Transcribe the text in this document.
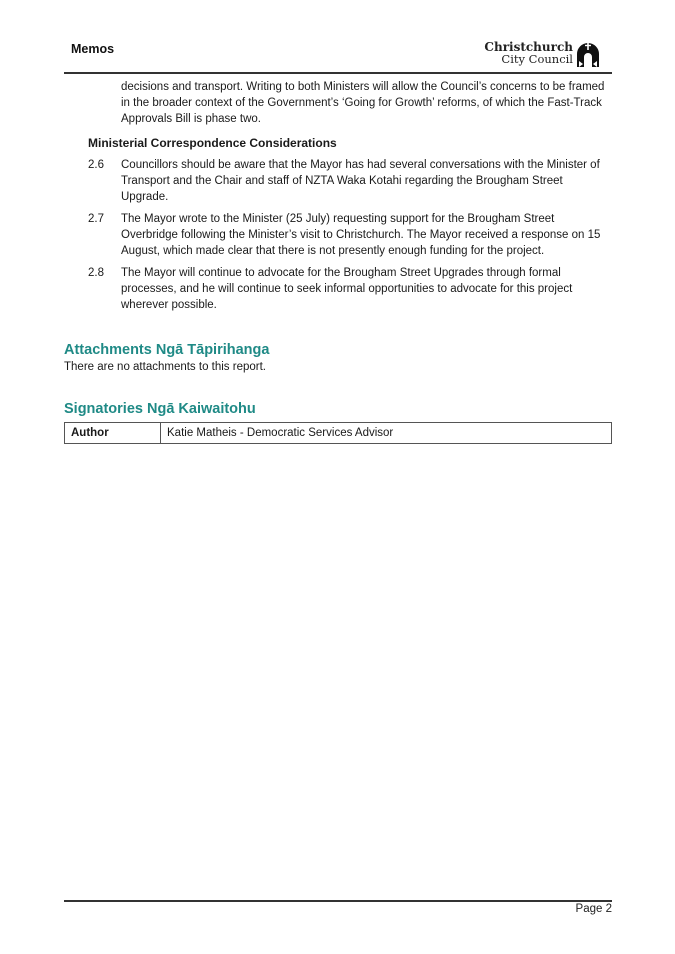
Memos	Christchurch
City Council

decisions and transport. Writing to both Ministers will allow the Council’s concerns to be framed in the broader context of the Government’s ‘Going for Growth’ reforms, of which the Fast-Track Approvals Bill is phase two.

Ministerial Correspondence Considerations
2.6	Councillors should be aware that the Mayor has had several conversations with the Minister of Transport and the Chair and staff of NZTA Waka Kotahi regarding the Brougham Street Upgrade.
2.7	The Mayor wrote to the Minister (25 July) requesting support for the Brougham Street Overbridge following the Minister’s visit to Christchurch. The Mayor received a response on 15 August, which made clear that there is not presently enough funding for the project.
2.8	The Mayor will continue to advocate for the Brougham Street Upgrades through formal processes, and he will continue to seek informal opportunities to advocate for this project wherever possible.
Attachments Ngā Tāpirihanga

There are no attachments to this report.

Signatories Ngā Kaiwaitohu
Author	Katie Matheis - Democratic Services Advisor
Page 2
